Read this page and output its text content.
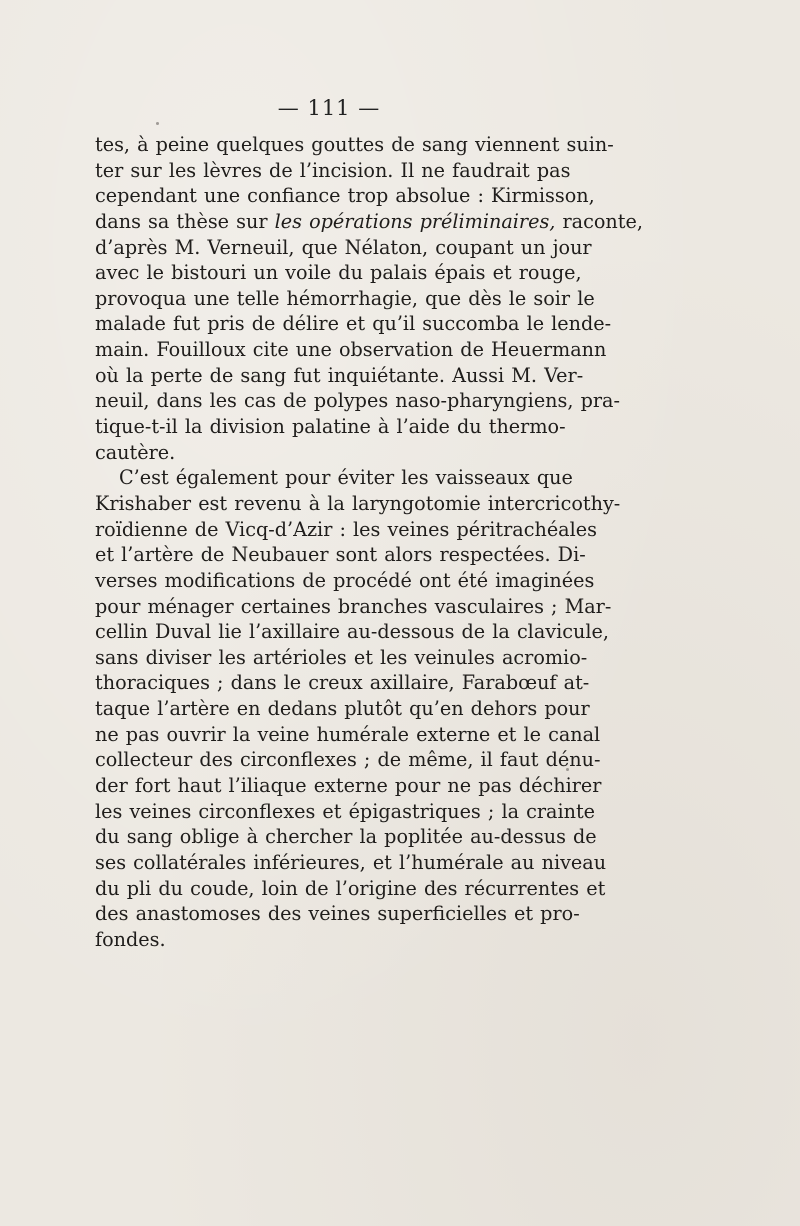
— 111 —
tes, à peine quelques gouttes de sang viennent suin-
ter sur les lèvres de l’incision. Il ne faudrait pas
cependant une confiance trop absolue : Kirmisson,
dans sa thèse sur les opérations préliminaires, raconte,
d’après M. Verneuil, que Nélaton, coupant un jour
avec le bistouri un voile du palais épais et rouge,
provoqua une telle hémorrhagie, que dès le soir le
malade fut pris de délire et qu’il succomba le lende-
main. Fouilloux cite une observation de Heuermann
où la perte de sang fut inquiétante. Aussi M. Ver-
neuil, dans les cas de polypes naso-pharyngiens, pra-
tique-t-il la division palatine à l’aide du thermo-
cautère.
C’est également pour éviter les vaisseaux que
Krishaber est revenu à la laryngotomie intercricothy-
roïdienne de Vicq-d’Azir : les veines péritrachéales
et l’artère de Neubauer sont alors respectées. Di-
verses modifications de procédé ont été imaginées
pour ménager certaines branches vasculaires ; Mar-
cellin Duval lie l’axillaire au-dessous de la clavicule,
sans diviser les artérioles et les veinules acromio-
thoraciques ; dans le creux axillaire, Farabœuf at-
taque l’artère en dedans plutôt qu’en dehors pour
ne pas ouvrir la veine humérale externe et le canal
collecteur des circonflexes ; de même, il faut dénu-
der fort haut l’iliaque externe pour ne pas déchirer
les veines circonflexes et épigastriques ; la crainte
du sang oblige à chercher la poplitée au-dessus de
ses collatérales inférieures, et l’humérale au niveau
du pli du coude, loin de l’origine des récurrentes et
des anastomoses des veines superficielles et pro-
fondes.
